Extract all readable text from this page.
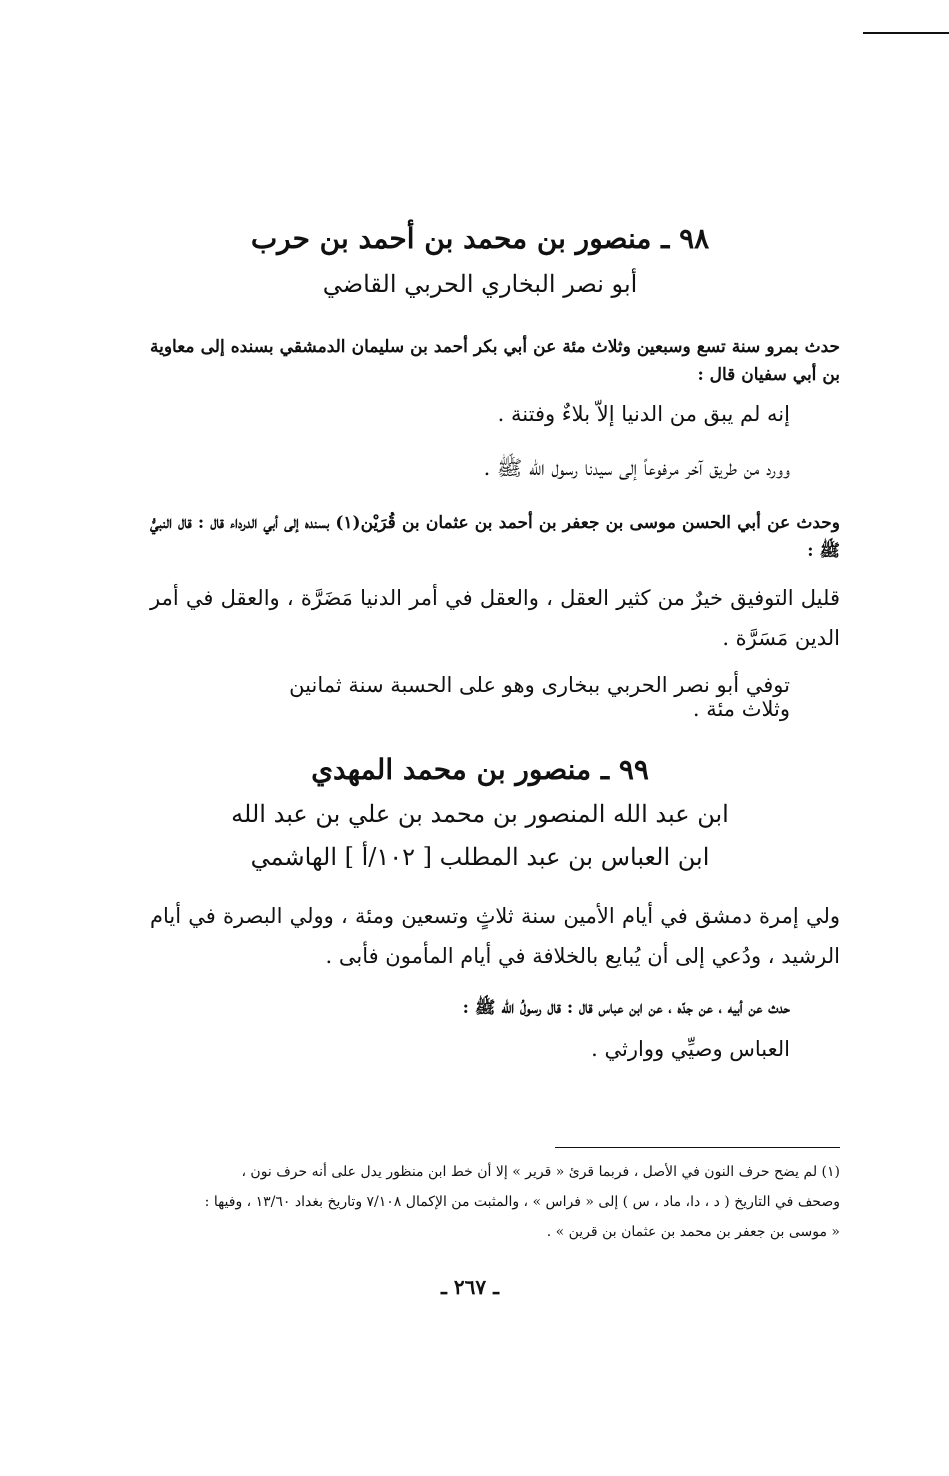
٩٨ ـ منصور بن محمد بن أحمد بن حرب
أبو نصر البخاري الحربي القاضي
حدث بمرو سنة تسع وسبعين وثلاث مئة عن أبي بكر أحمد بن سليمان الدمشقي بسنده إلى معاوية بن أبي سفيان قال :
إنه لم يبق من الدنيا إلاّ بلاءٌ وفتنة .
وورد من طريق آخر مرفوعاً إلى سيدنا رسول الله ﷺ .
وحدث عن أبي الحسن موسى بن جعفر بن أحمد بن عثمان بن قُرَيْن(١) بسنده إلى أبي الدرداء قال : قال النبيُّ ﷺ :
قليل التوفيق خيرٌ من كثير العقل ، والعقل في أمر الدنيا مَضَرَّة ، والعقل في أمر الدين مَسَرَّة .
توفي أبو نصر الحربي ببخارى وهو على الحسبة سنة ثمانين وثلاث مئة .
٩٩ ـ منصور بن محمد المهدي
ابن عبد الله المنصور بن محمد بن علي بن عبد الله
ابن العباس بن عبد المطلب [ ١٠٢/أ ] الهاشمي
ولي إمرة دمشق في أيام الأمين سنة ثلاثٍ وتسعين ومئة ، وولي البصرة في أيام الرشيد ، ودُعي إلى أن يُبايع بالخلافة في أيام المأمون فأبى .
حدث عن أبيه ، عن جدّه ، عن ابن عباس قال : قال رسولُ الله ﷺ :
العباس وصيِّي ووارثي .
(١) لم يضح حرف النون في الأصل ، فربما قرئ « قرير » إلا أن خط ابن منظور يدل على أنه حرف نون ،
وصحف في التاريخ ( د ، دا، ماد ، س ) إلى « فراس » ، والمثبت من الإكمال ٧/١٠٨ وتاريخ بغداد ١٣/٦٠ ، وفيها :
« موسى بن جعفر بن محمد بن عثمان بن قرين » .
ـ ٢٦٧ ـ
